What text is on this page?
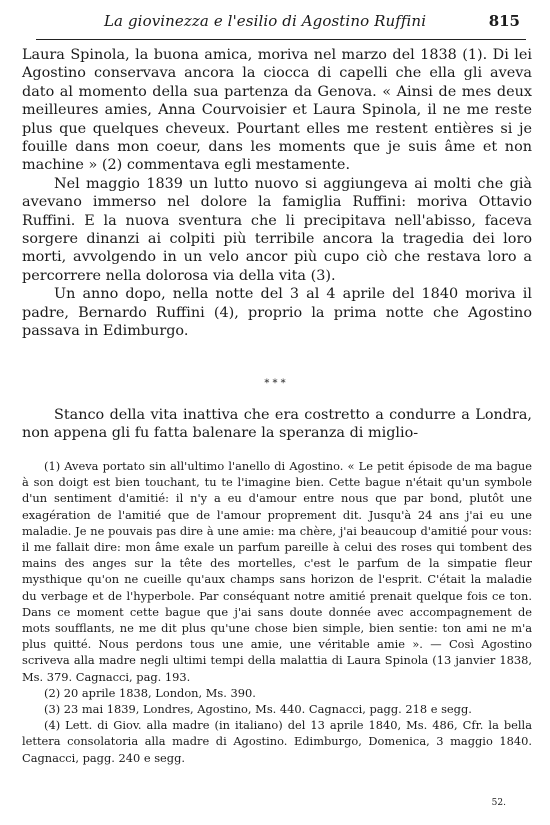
La giovinezza e l'esilio di Agostino Ruffini	815

Laura Spinola, la buona amica, moriva nel marzo del 1838 (1). Di lei Agostino conservava ancora la ciocca di capelli che ella gli aveva dato al momento della sua partenza da Genova. « Ainsi de mes deux meilleures amies, Anna Courvoisier et Laura Spinola, il ne me reste plus que quelques cheveux. Pourtant elles me restent entières si je fouille dans mon coeur, dans les moments que je suis âme et non machine » (2) commentava egli mestamente.

Nel maggio 1839 un lutto nuovo si aggiungeva ai molti che già avevano immerso nel dolore la famiglia Ruffini: moriva Ottavio Ruffini. E la nuova sventura che li precipitava nell'abisso, faceva sorgere dinanzi ai colpiti più terribile ancora la tragedia dei loro morti, avvolgendo in un velo ancor più cupo ciò che restava loro a percorrere nella dolorosa via della vita (3).

Un anno dopo, nella notte del 3 al 4 aprile del 1840 moriva il padre, Bernardo Ruffini (4), proprio la prima notte che Agostino passava in Edimburgo.

* * *

Stanco della vita inattiva che era costretto a condurre a Londra, non appena gli fu fatta balenare la speranza di miglio-

(1) Aveva portato sin all'ultimo l'anello di Agostino. « Le petit épisode de ma bague à son doigt est bien touchant, tu te l'imagine bien. Cette bague n'était qu'un symbole d'un sentiment d'amitié: il n'y a eu d'amour entre nous que par bond, plutôt une exagération de l'amitié que de l'amour proprement dit. Jusqu'à 24 ans j'ai eu une maladie. Je ne pouvais pas dire à une amie: ma chère, j'ai beaucoup d'amitié pour vous: il me fallait dire: mon âme exale un parfum pareille à celui des roses qui tombent des mains des anges sur la tête des mortelles, c'est le parfum de la simpatie fleur mysthique qu'on ne cueille qu'aux champs sans horizon de l'esprit. C'était la maladie du verbage et de l'hyperbole. Par conséquant notre amitié prenait quelque fois ce ton. Dans ce moment cette bague que j'ai sans doute donnée avec accompagnement de mots soufflants, ne me dit plus qu'une chose bien simple, bien sentie: ton ami ne m'a plus quitté. Nous perdons tous une amie, une véritable amie ». — Così Agostino scriveva alla madre negli ultimi tempi della malattia di Laura Spinola (13 janvier 1838, Ms. 379. Cagnacci, pag. 193.

(2) 20 aprile 1838, London, Ms. 390.

(3) 23 mai 1839, Londres, Agostino, Ms. 440. Cagnacci, pagg. 218 e segg.

(4) Lett. di Giov. alla madre (in italiano) del 13 aprile 1840, Ms. 486, Cfr. la bella lettera consolatoria alla madre di Agostino. Edimburgo, Domenica, 3 maggio 1840. Cagnacci, pagg. 240 e segg.

52.
